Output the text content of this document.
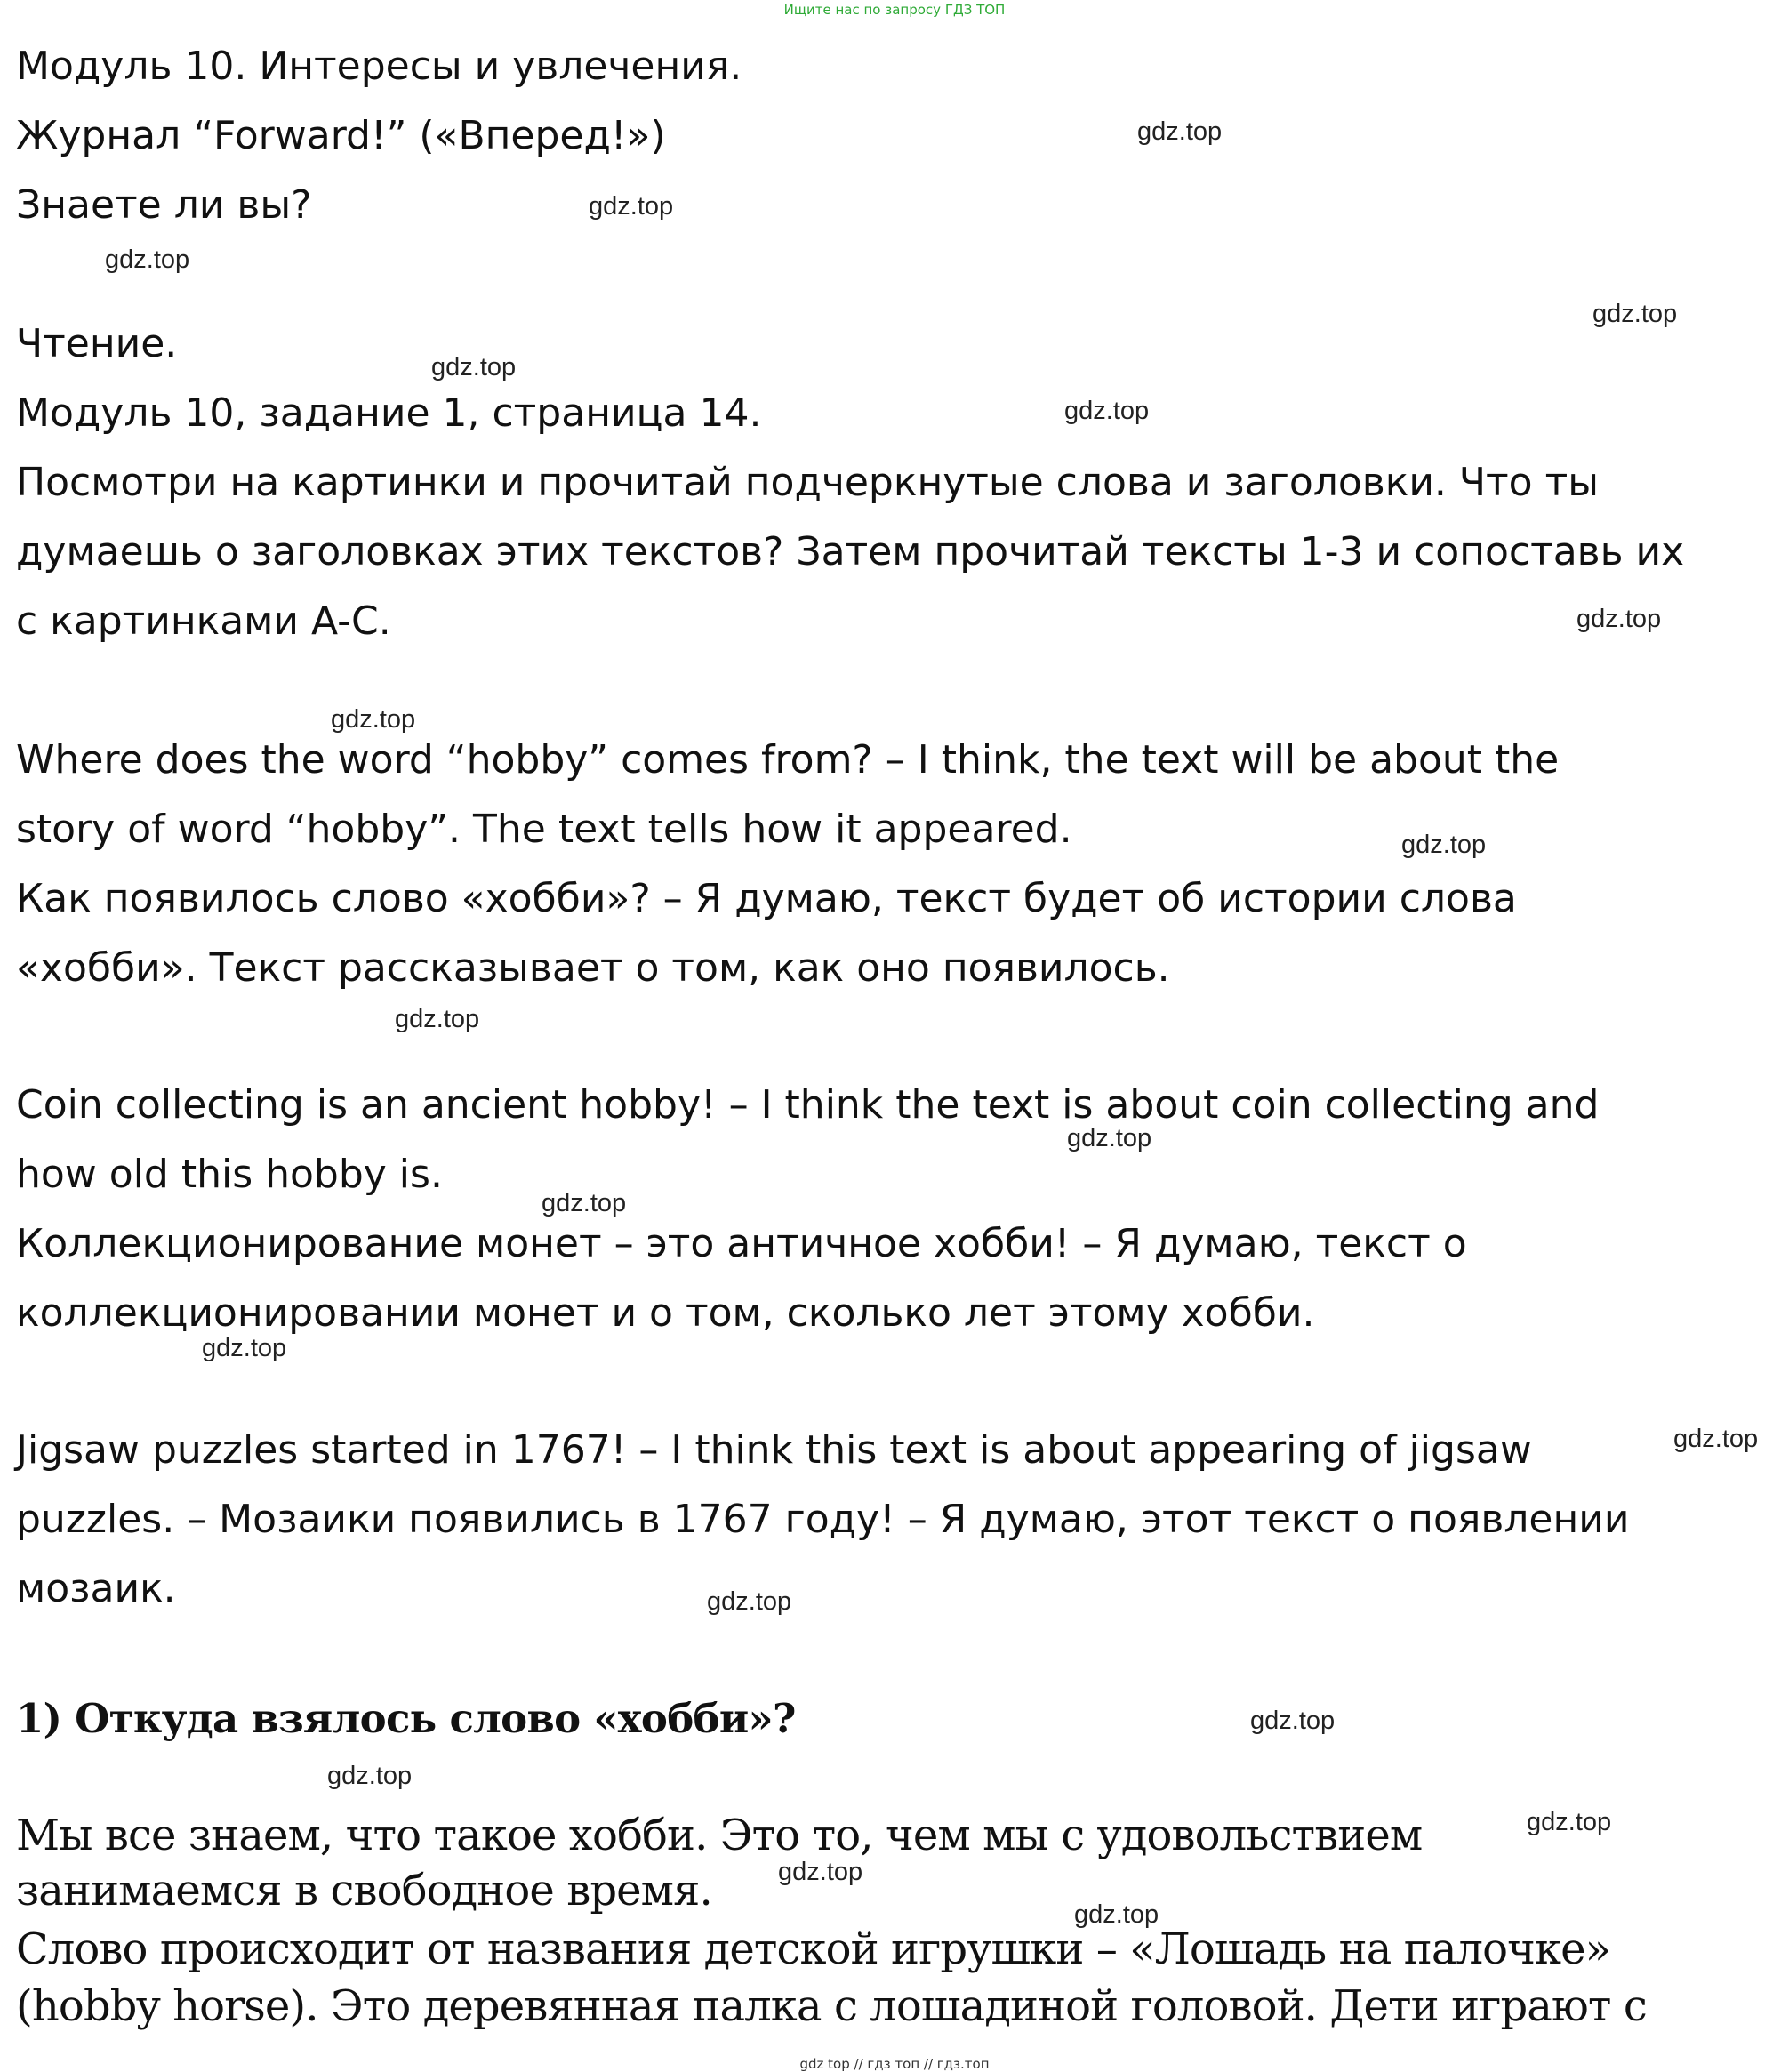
Ищите нас по запросу ГДЗ ТОП

Модуль 10. Интересы и увлечения.

Журнал “Forward!” («Вперед!»)

Знаете ли вы?

Чтение.

Модуль 10, задание 1, страница 14.

Посмотри на картинки и прочитай подчеркнутые слова и заголовки. Что ты

думаешь о заголовках этих текстов? Затем прочитай тексты 1-3 и сопоставь их

с картинками A-C.

Where does the word “hobby” comes from? – I think, the text will be about the

story of word “hobby”. The text tells how it appeared.

Как появилось слово «хобби»? – Я думаю, текст будет об истории слова

«хобби». Текст рассказывает о том, как оно появилось.

Coin collecting is an ancient hobby! – I think the text is about coin collecting and

how old this hobby is.

Коллекционирование монет – это античное хобби! – Я думаю, текст о

коллекционировании монет и о том, сколько лет этому хобби.

Jigsaw puzzles started in 1767! – I think this text is about appearing of jigsaw

puzzles. – Мозаики появились в 1767 году! – Я думаю, этот текст о появлении

мозаик.

1) Откуда взялось слово «хобби»?

Мы все знаем, что такое хобби. Это то, чем мы с удовольствием

занимаемся в свободное время.

Слово происходит от названия детской игрушки – «Лошадь на палочке»

(hobby horse). Это деревянная палка с лошадиной головой. Дети играют с

gdz.top
gdz.top
gdz.top
gdz.top
gdz.top
gdz.top
gdz.top
gdz.top
gdz.top
gdz.top
gdz.top
gdz.top
gdz.top
gdz.top
gdz.top
gdz.top
gdz.top
gdz.top
gdz.top
gdz.top
gdz top // гдз топ // гдз.топ
